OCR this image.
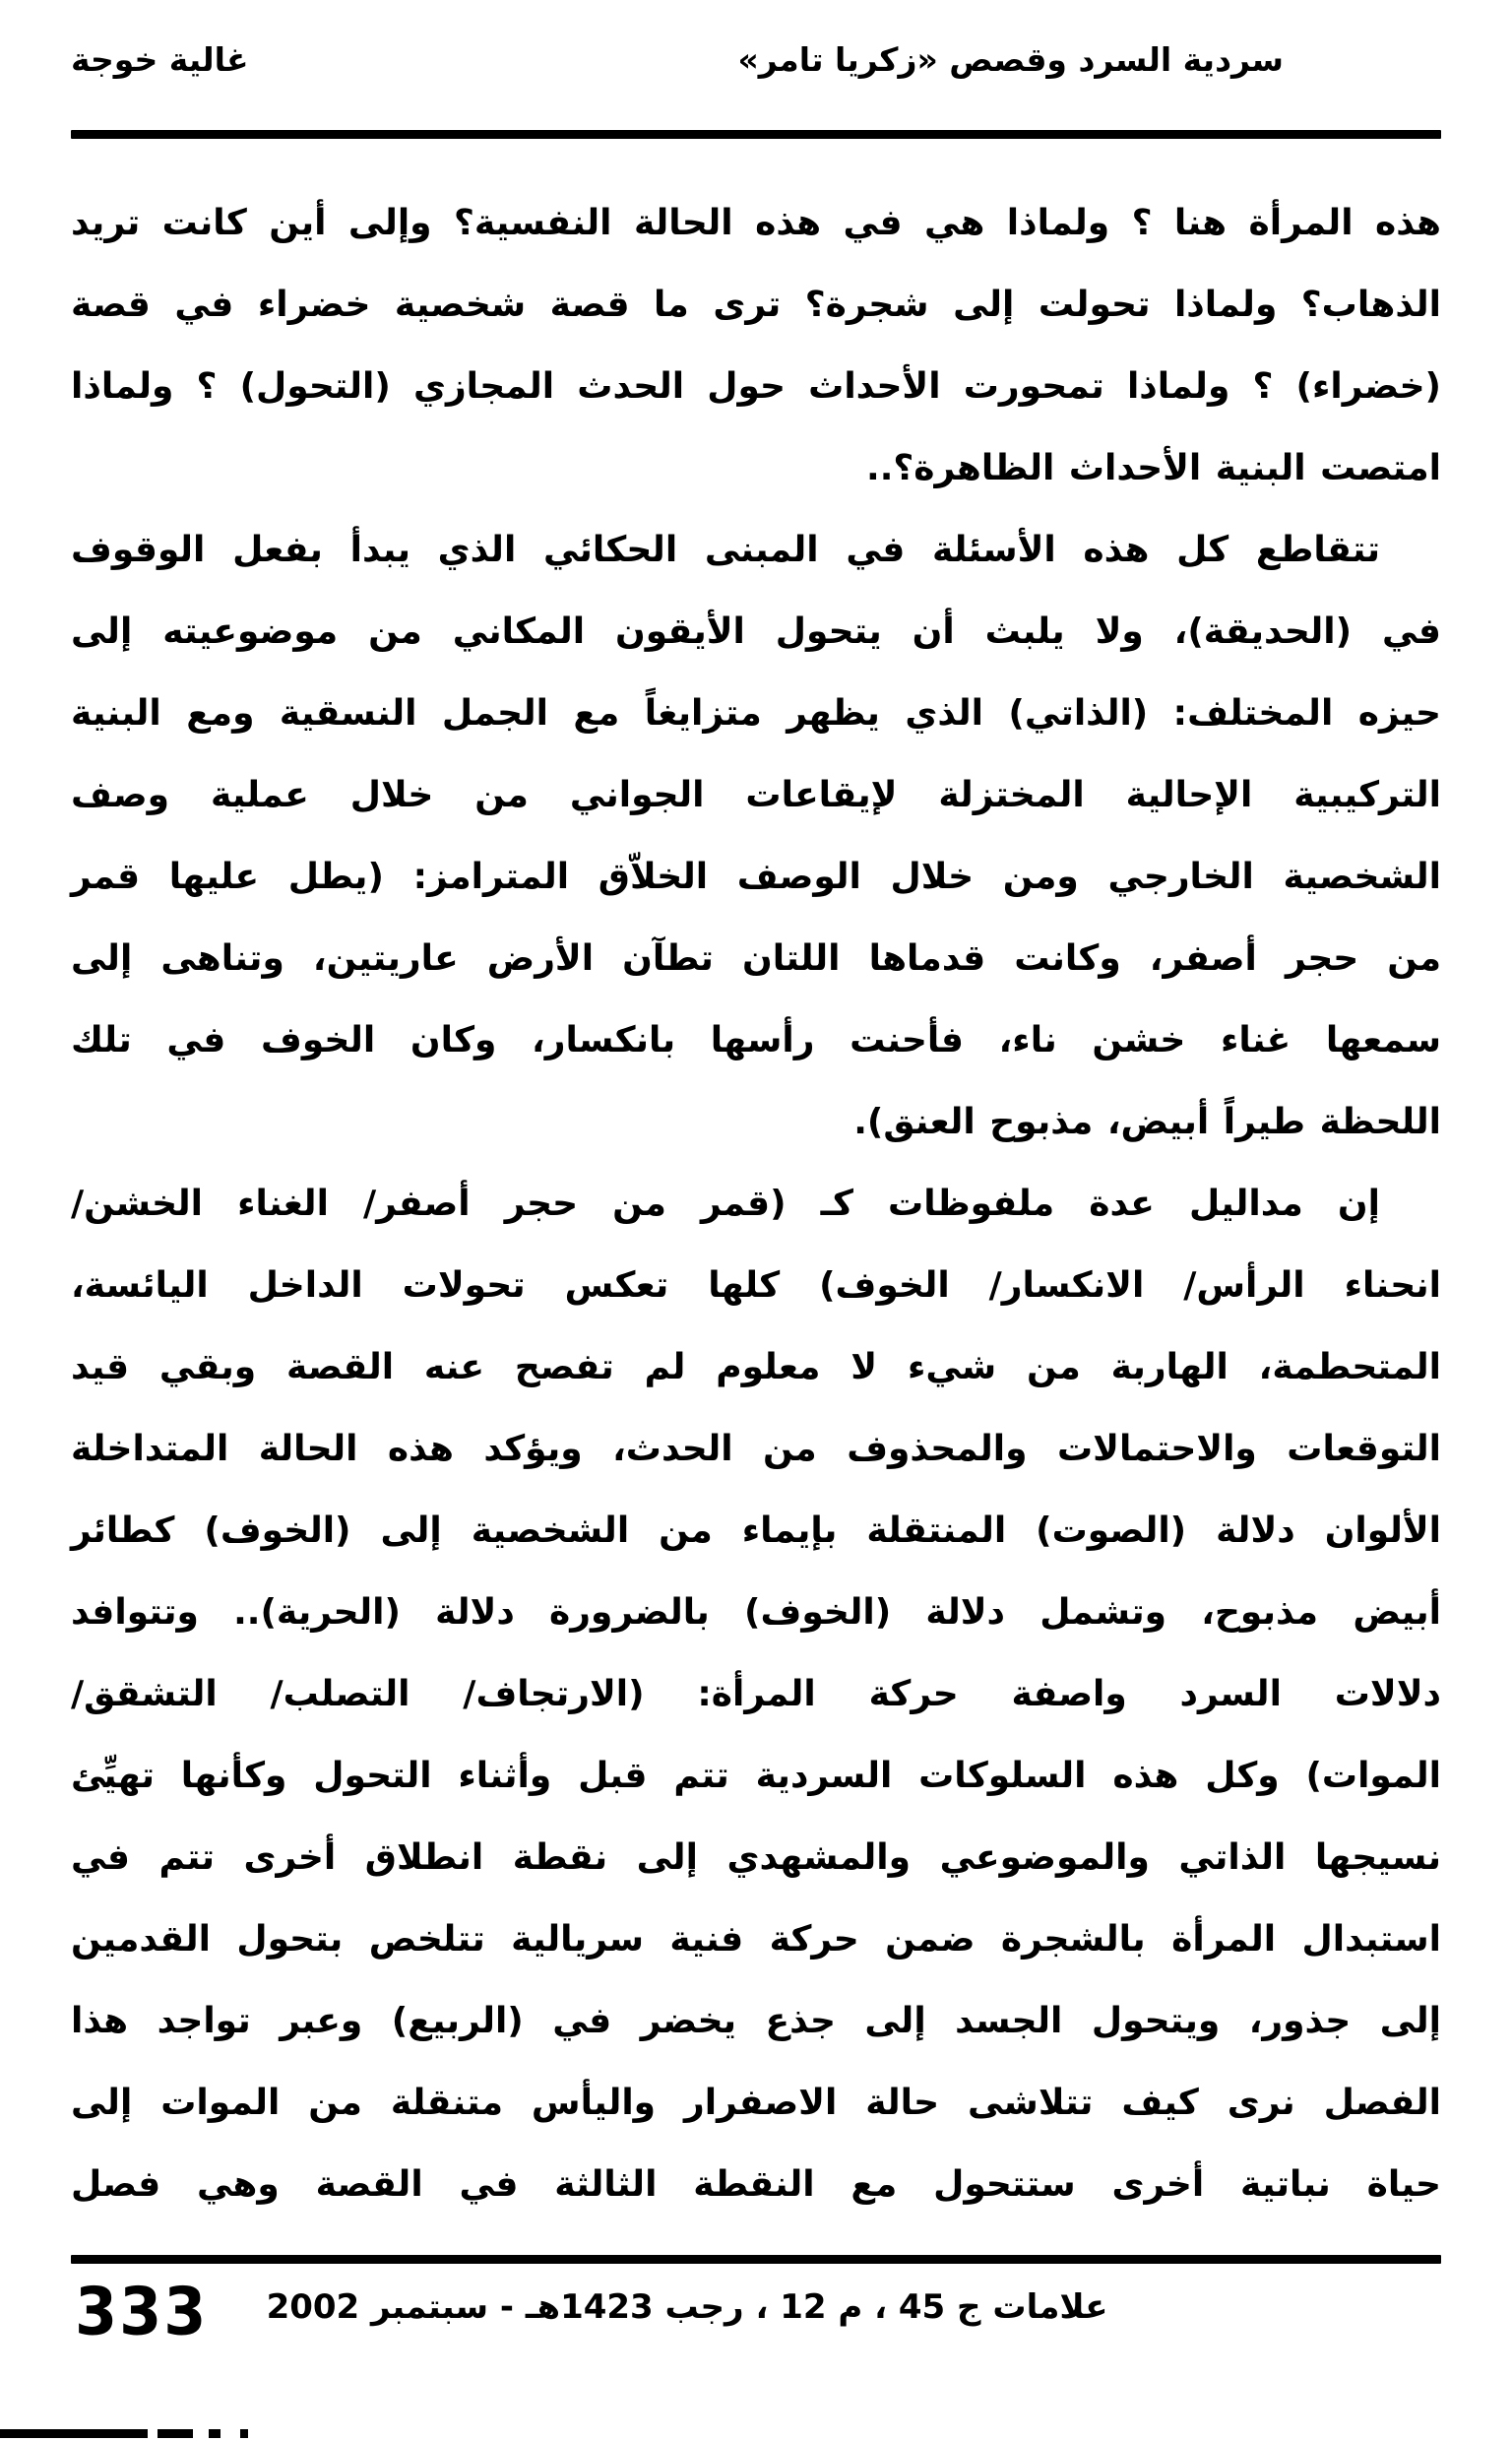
سردية السرد وقصص «زكريا تامر»
غالية خوجة
هذه المرأة هنا ؟ ولماذا هي في هذه الحالة النفسية؟ وإلى أين كانت تريد
الذهاب؟ ولماذا تحولت إلى شجرة؟ ترى ما قصة شخصية خضراء في قصة
(خضراء) ؟ ولماذا تمحورت الأحداث حول الحدث المجازي (التحول) ؟ ولماذا
امتصت البنية الأحداث الظاهرة؟..
تتقاطع كل هذه الأسئلة في المبنى الحكائي الذي يبدأ بفعل الوقوف
في (الحديقة)، ولا يلبث أن يتحول الأيقون المكاني من موضوعيته إلى
حيزه المختلف: (الذاتي) الذي يظهر متزايغاً مع الجمل النسقية ومع البنية
التركيبية الإحالية المختزلة لإيقاعات الجواني من خلال عملية وصف
الشخصية الخارجي ومن خلال الوصف الخلاّق المترامز: (يطل عليها قمر
من حجر أصفر، وكانت قدماها اللتان تطآن الأرض عاريتين، وتناهى إلى
سمعها غناء خشن ناء، فأحنت رأسها بانكسار، وكان الخوف في تلك
اللحظة طيراً أبيض، مذبوح العنق).
إن مداليل عدة ملفوظات كـ (قمر من حجر أصفر/ الغناء الخشن/
انحناء الرأس/ الانكسار/ الخوف) كلها تعكس تحولات الداخل اليائسة،
المتحطمة، الهاربة من شيء لا معلوم لم تفصح عنه القصة وبقي قيد
التوقعات والاحتمالات والمحذوف من الحدث، ويؤكد هذه الحالة المتداخلة
الألوان دلالة (الصوت) المنتقلة بإيماء من الشخصية إلى (الخوف) كطائر
أبيض مذبوح، وتشمل دلالة (الخوف) بالضرورة دلالة (الحرية).. وتتوافد
دلالات السرد واصفة حركة المرأة: (الارتجاف/ التصلب/ التشقق/
الموات) وكل هذه السلوكات السردية تتم قبل وأثناء التحول وكأنها تهيِّئ
نسيجها الذاتي والموضوعي والمشهدي إلى نقطة انطلاق أخرى تتم في
استبدال المرأة بالشجرة ضمن حركة فنية سريالية تتلخص بتحول القدمين
إلى جذور، ويتحول الجسد إلى جذع يخضر في (الربيع) وعبر تواجد هذا
الفصل نرى كيف تتلاشى حالة الاصفرار واليأس متنقلة من الموات إلى
حياة نباتية أخرى ستتحول مع النقطة الثالثة في القصة وهي فصل
333 علامات ج 45 ، م 12 ، رجب 1423هـ - سبتمبر 2002
